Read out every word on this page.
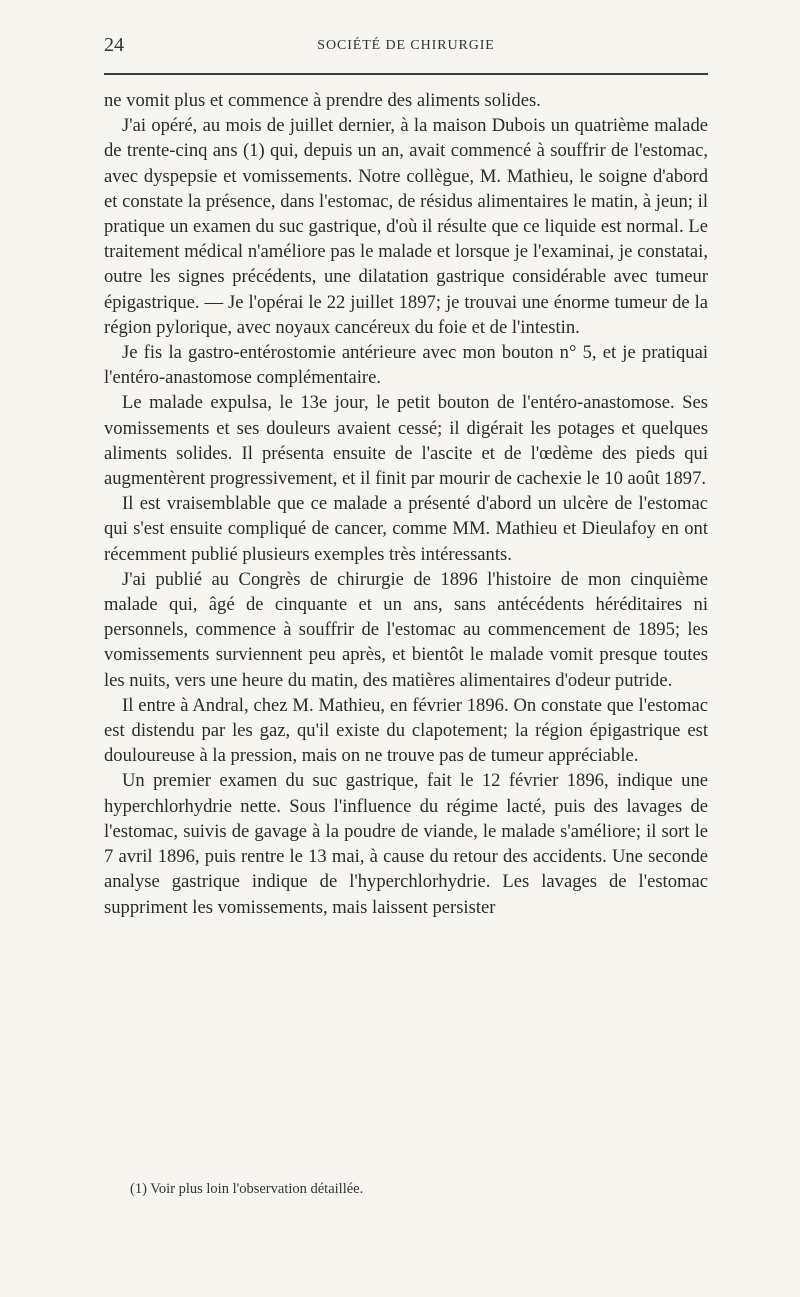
24	SOCIÉTÉ DE CHIRURGIE

ne vomit plus et commence à prendre des aliments solides.

J'ai opéré, au mois de juillet dernier, à la maison Dubois un quatrième malade de trente-cinq ans (1) qui, depuis un an, avait commencé à souffrir de l'estomac, avec dyspepsie et vomissements. Notre collègue, M. Mathieu, le soigne d'abord et constate la présence, dans l'estomac, de résidus alimentaires le matin, à jeun; il pratique un examen du suc gastrique, d'où il résulte que ce liquide est normal. Le traitement médical n'améliore pas le malade et lorsque je l'examinai, je constatai, outre les signes précédents, une dilatation gastrique considérable avec tumeur épigastrique. — Je l'opérai le 22 juillet 1897; je trouvai une énorme tumeur de la région pylorique, avec noyaux cancéreux du foie et de l'intestin.

Je fis la gastro-entérostomie antérieure avec mon bouton n° 5, et je pratiquai l'entéro-anastomose complémentaire.

Le malade expulsa, le 13e jour, le petit bouton de l'entéro-anastomose. Ses vomissements et ses douleurs avaient cessé; il digérait les potages et quelques aliments solides. Il présenta ensuite de l'ascite et de l'œdème des pieds qui augmentèrent progressivement, et il finit par mourir de cachexie le 10 août 1897.

Il est vraisemblable que ce malade a présenté d'abord un ulcère de l'estomac qui s'est ensuite compliqué de cancer, comme MM. Mathieu et Dieulafoy en ont récemment publié plusieurs exemples très intéressants.

J'ai publié au Congrès de chirurgie de 1896 l'histoire de mon cinquième malade qui, âgé de cinquante et un ans, sans antécédents héréditaires ni personnels, commence à souffrir de l'estomac au commencement de 1895; les vomissements surviennent peu après, et bientôt le malade vomit presque toutes les nuits, vers une heure du matin, des matières alimentaires d'odeur putride.

Il entre à Andral, chez M. Mathieu, en février 1896. On constate que l'estomac est distendu par les gaz, qu'il existe du clapotement; la région épigastrique est douloureuse à la pression, mais on ne trouve pas de tumeur appréciable.

Un premier examen du suc gastrique, fait le 12 février 1896, indique une hyperchlorhydrie nette. Sous l'influence du régime lacté, puis des lavages de l'estomac, suivis de gavage à la poudre de viande, le malade s'améliore; il sort le 7 avril 1896, puis rentre le 13 mai, à cause du retour des accidents. Une seconde analyse gastrique indique de l'hyperchlorhydrie. Les lavages de l'estomac suppriment les vomissements, mais laissent persister

(1) Voir plus loin l'observation détaillée.
